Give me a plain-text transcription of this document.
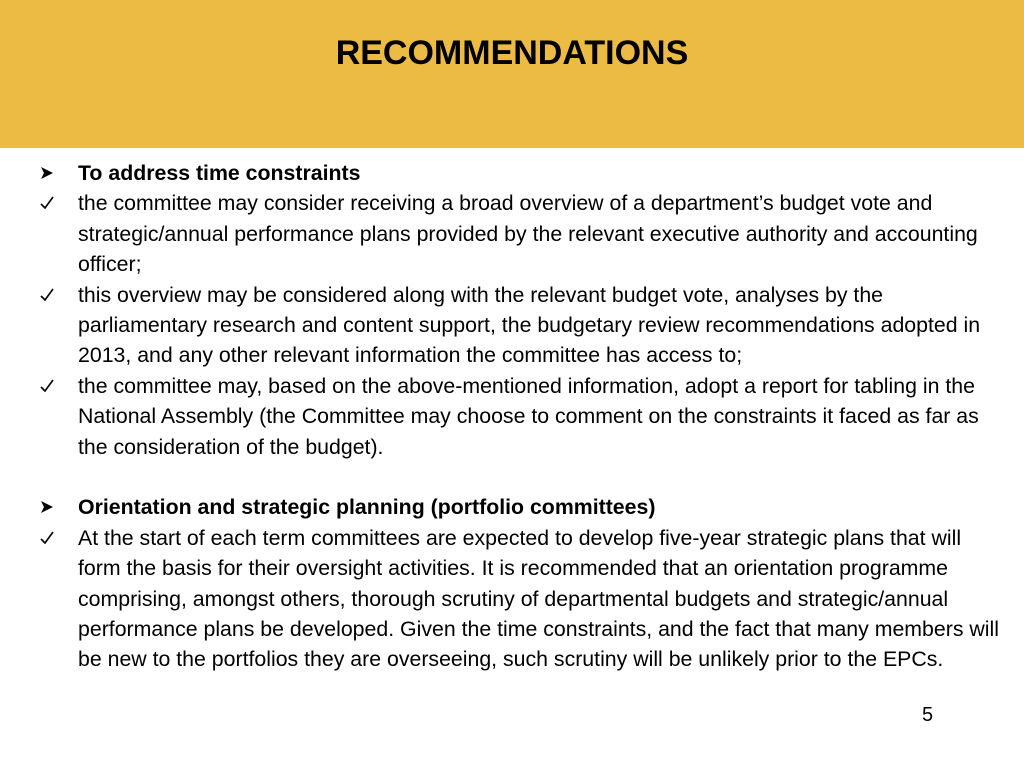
RECOMMENDATIONS
To address time constraints
the committee may consider receiving a broad overview of a department’s budget vote and strategic/annual performance plans provided by the relevant executive authority and accounting officer;
this overview may be considered along with the relevant budget vote, analyses by the parliamentary research and content support, the budgetary review recommendations adopted in 2013, and any other relevant information the committee has access to;
the committee may, based on the above-mentioned information, adopt a report for tabling in the National Assembly (the Committee may choose to comment on the constraints it faced as far as the consideration of the budget).
Orientation and strategic planning (portfolio committees)
At the start of each term committees are expected to develop five-year strategic plans that will form the basis for their oversight activities. It is recommended that an orientation programme comprising, amongst others, thorough scrutiny of departmental budgets and strategic/annual performance plans be developed. Given the time constraints, and the fact that many members will be new to the portfolios they are overseeing, such scrutiny will be unlikely prior to the EPCs.
5
